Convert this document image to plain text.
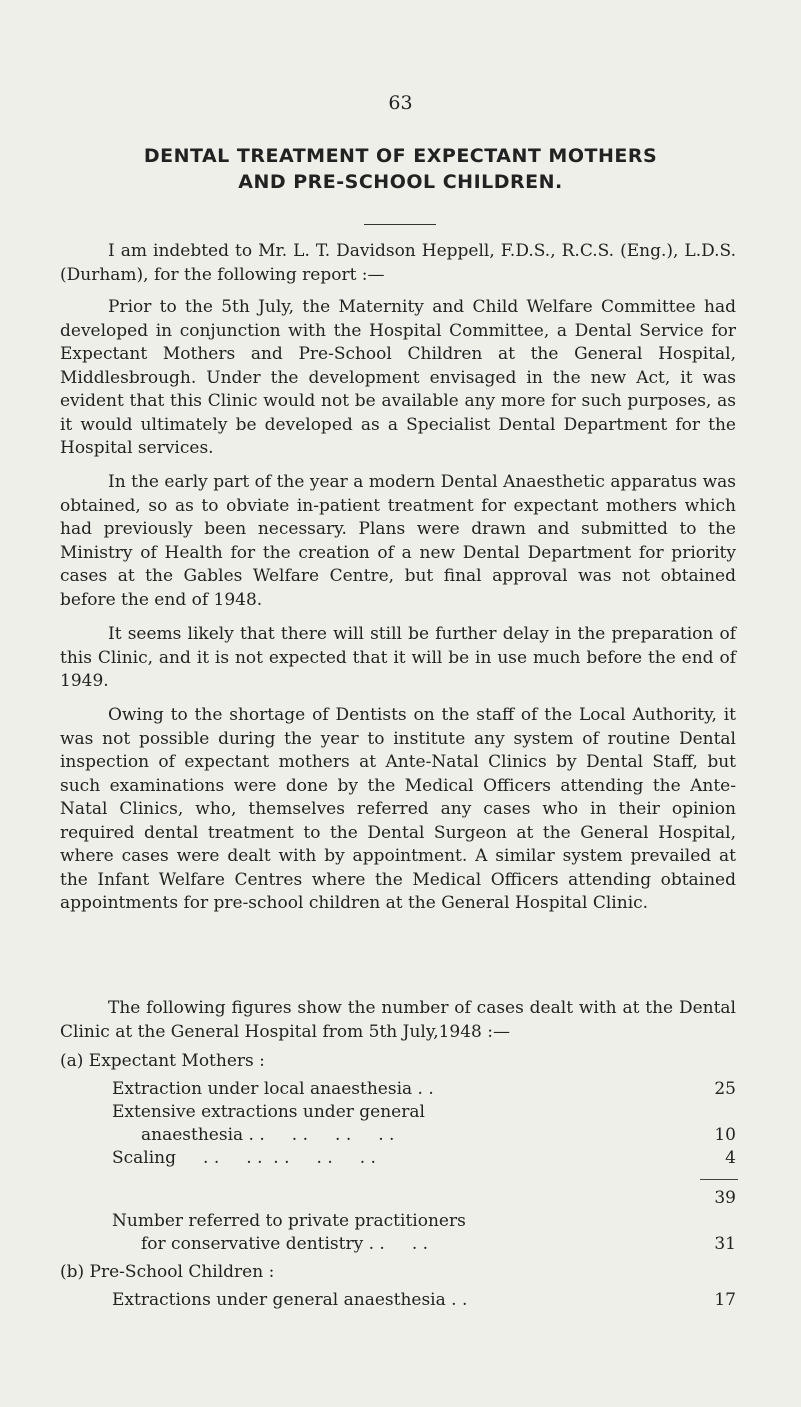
63
DENTAL TREATMENT OF EXPECTANT MOTHERS
AND PRE-SCHOOL CHILDREN.

I am indebted to Mr. L. T. Davidson Heppell, F.D.S., R.C.S. (Eng.), L.D.S. (Durham), for the following report :—

Prior to the 5th July, the Maternity and Child Welfare Committee had developed in conjunction with the Hospital Committee, a Dental Service for Expectant Mothers and Pre-School Children at the General Hospital, Middlesbrough. Under the development envisaged in the new Act, it was evident that this Clinic would not be available any more for such purposes, as it would ultimately be developed as a Specialist Dental Department for the Hospital services.

In the early part of the year a modern Dental Anaesthetic apparatus was obtained, so as to obviate in-patient treatment for expectant mothers which had previously been necessary. Plans were drawn and submitted to the Ministry of Health for the creation of a new Dental Department for priority cases at the Gables Welfare Centre, but final approval was not obtained before the end of 1948.

It seems likely that there will still be further delay in the preparation of this Clinic, and it is not expected that it will be in use much before the end of 1949.

Owing to the shortage of Dentists on the staff of the Local Authority, it was not possible during the year to institute any system of routine Dental inspection of expectant mothers at Ante-Natal Clinics by Dental Staff, but such examinations were done by the Medical Officers attending the Ante-Natal Clinics, who, themselves referred any cases who in their opinion required dental treatment to the Dental Surgeon at the General Hospital, where cases were dealt with by appointment. A similar system prevailed at the Infant Welfare Centres where the Medical Officers attending obtained appointments for pre-school children at the General Hospital Clinic.

The following figures show the number of cases dealt with at the Dental Clinic at the General Hospital from 5th July,1948 :—

(a) Expectant Mothers :
Extraction under local anaesthesia . .	25
Extensive extractions under general
anaesthesia . .     . .     . .     . .	10
Scaling     . .     . .  . .     . .     . .	4
39
Number referred to private practitioners
for conservative dentistry . .     . .	31
(b) Pre-School Children :
Extractions under general anaesthesia . .	17
